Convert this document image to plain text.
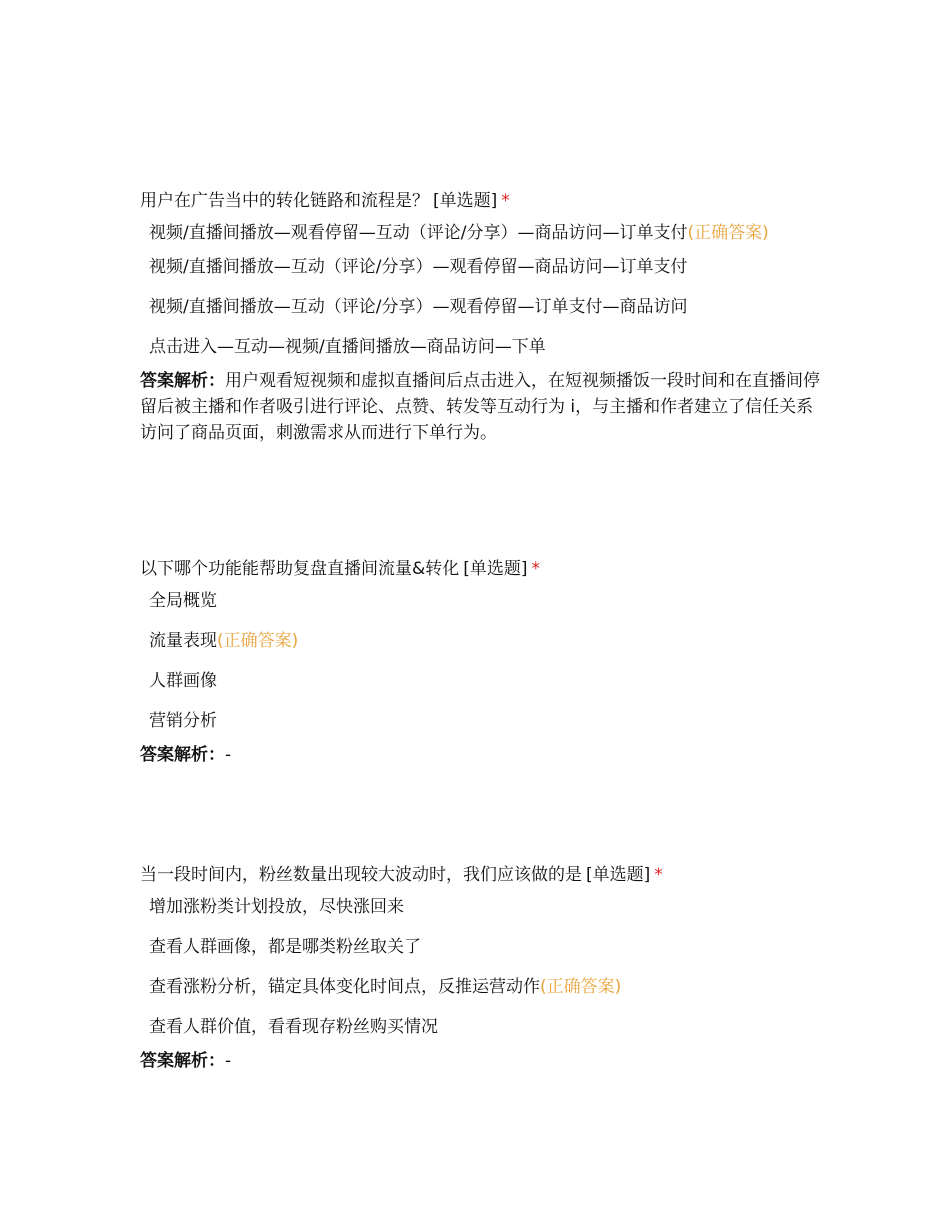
用户在广告当中的转化链路和流程是？ [单选题] *
视频/直播间播放—观看停留—互动（评论/分享）—商品访问—订单支付(正确答案)
视频/直播间播放—互动（评论/分享）—观看停留—商品访问—订单支付
视频/直播间播放—互动（评论/分享）—观看停留—订单支付—商品访问
点击进入—互动—视频/直播间播放—商品访问—下单

答案解析：用户观看短视频和虚拟直播间后点击进入，在短视频播饭一段时间和在直播间停留后被主播和作者吸引进行评论、点赞、转发等互动行为 i，与主播和作者建立了信任关系访问了商品页面，刺激需求从而进行下单行为。

以下哪个功能能帮助复盘直播间流量&转化 [单选题] *
全局概览
流量表现(正确答案)
人群画像
营销分析

答案解析：-

当一段时间内，粉丝数量出现较大波动时，我们应该做的是 [单选题] *
增加涨粉类计划投放，尽快涨回来
查看人群画像，都是哪类粉丝取关了
查看涨粉分析，锚定具体变化时间点，反推运营动作(正确答案)
查看人群价值，看看现存粉丝购买情况

答案解析：-
